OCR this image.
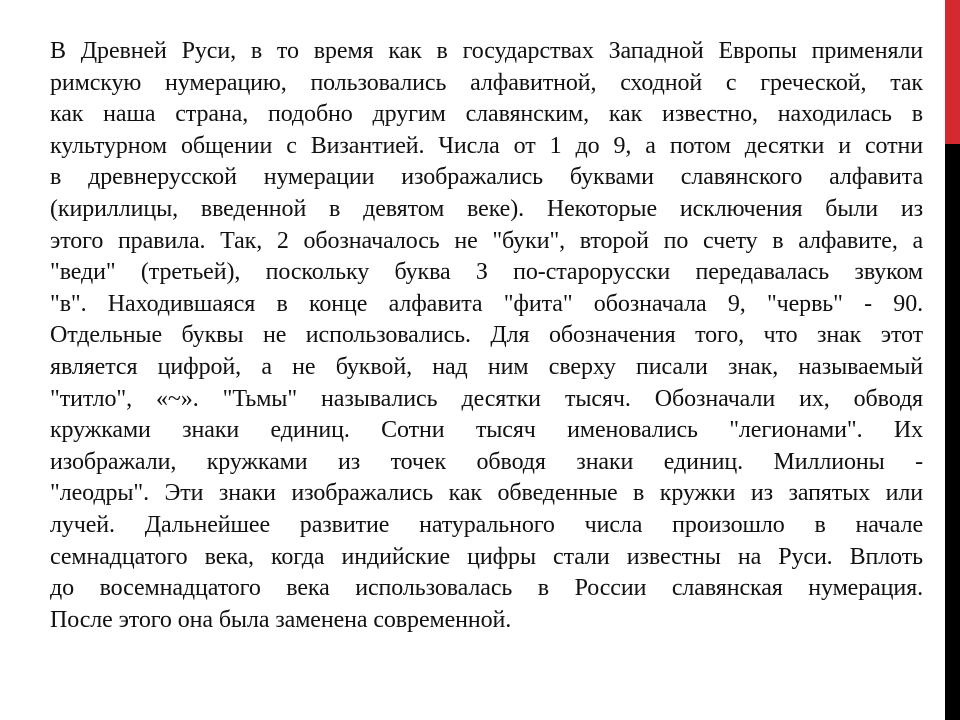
В Древней Руси, в то время как в государствах Западной Европы применяли
римскую нумерацию, пользовались алфавитной, сходной с греческой, так
как наша страна, подобно другим славянским, как известно, находилась в
культурном общении с Византией. Числа от 1 до 9, а потом десятки и сотни
в древнерусской нумерации изображались буквами славянского алфавита
(кириллицы, введенной в девятом веке). Некоторые исключения были из
этого правила. Так, 2 обозначалось не "буки", второй по счету в алфавите, а
"веди" (третьей), поскольку буква З по-старорусски передавалась звуком
"в". Находившаяся в конце алфавита "фита" обозначала 9, "червь" - 90.
Отдельные буквы не использовались. Для обозначения того, что знак этот
является цифрой, а не буквой, над ним сверху писали знак, называемый
"титло", «~». "Тьмы" назывались десятки тысяч. Обозначали их, обводя
кружками знаки единиц. Сотни тысяч именовались "легионами". Их
изображали, кружками из точек обводя знаки единиц. Миллионы -
"леодры". Эти знаки изображались как обведенные в кружки из запятых или
лучей. Дальнейшее развитие натурального числа произошло в начале
семнадцатого века, когда индийские цифры стали известны на Руси. Вплоть
до восемнадцатого века использовалась в России славянская нумерация.
После этого она была заменена современной.
